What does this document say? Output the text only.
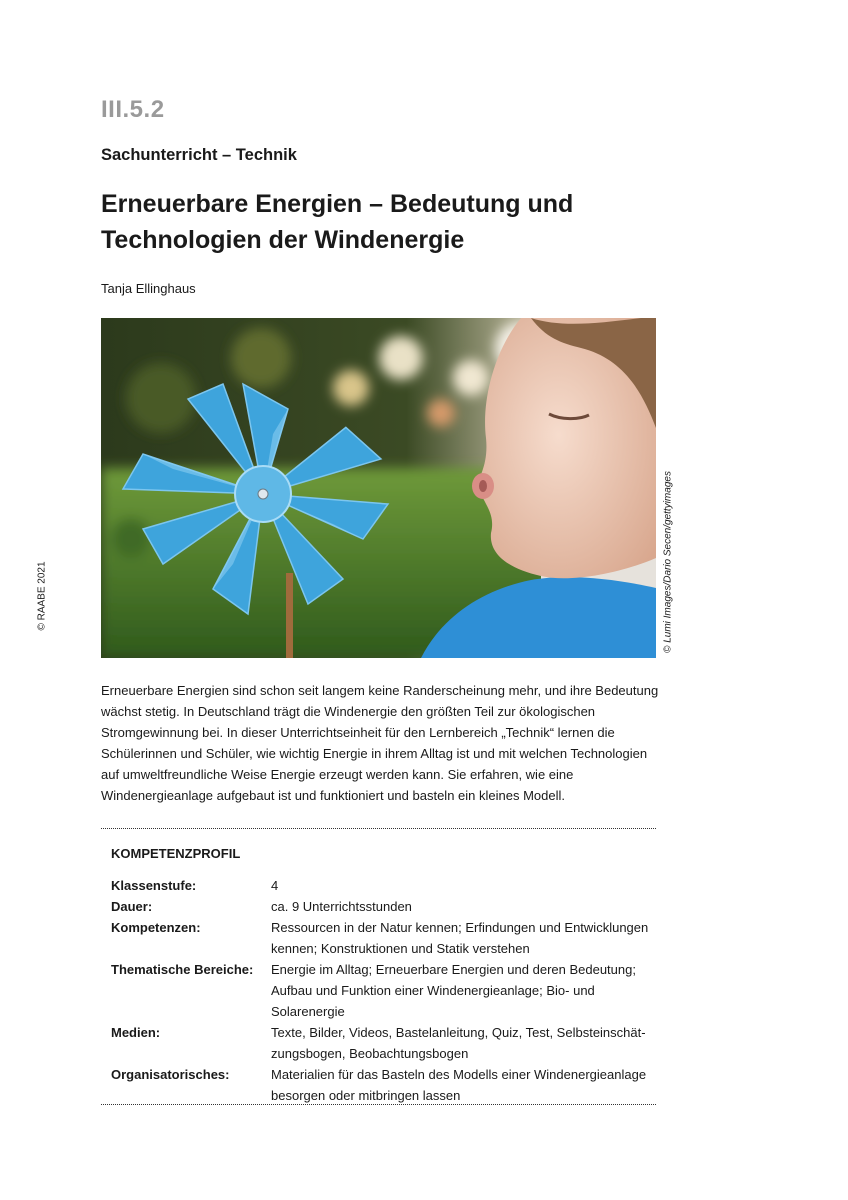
III.5.2
Sachunterricht – Technik
Erneuerbare Energien – Bedeutung und
Technologien der Windenergie
Tanja Ellinghaus
© RAABE 2021	© Lumi Images/Dario Secen/gettyimages

Erneuerbare Energien sind schon seit langem keine Randerscheinung mehr, und ihre Bedeutung wächst stetig. In Deutschland trägt die Windenergie den größten Teil zur ökologischen Stromgewinnung bei. In dieser Unterrichtseinheit für den Lernbereich „Technik“ lernen die Schülerinnen und Schüler, wie wichtig Energie in ihrem Alltag ist und mit welchen Technologien auf umweltfreundliche Weise Energie erzeugt werden kann. Sie erfahren, wie eine Windenergieanlage aufgebaut ist und funktioniert und basteln ein kleines Modell.

KOMPETENZPROFIL
Klassenstufe:	4
Dauer:	ca. 9 Unterrichtsstunden
Kompetenzen:	Ressourcen in der Natur kennen; Erfindungen und Entwicklungen kennen; Konstruktionen und Statik verstehen
Thematische Bereiche:	Energie im Alltag; Erneuerbare Energien und deren Bedeutung; Aufbau und Funktion einer Windenergieanlage; Bio- und Solarenergie
Medien:	Texte, Bilder, Videos, Bastelanleitung, Quiz, Test, Selbsteinschätzungsbogen, Beobachtungsbogen
Organisatorisches:	Materialien für das Basteln des Modells einer Windenergieanlage besorgen oder mitbringen lassen
